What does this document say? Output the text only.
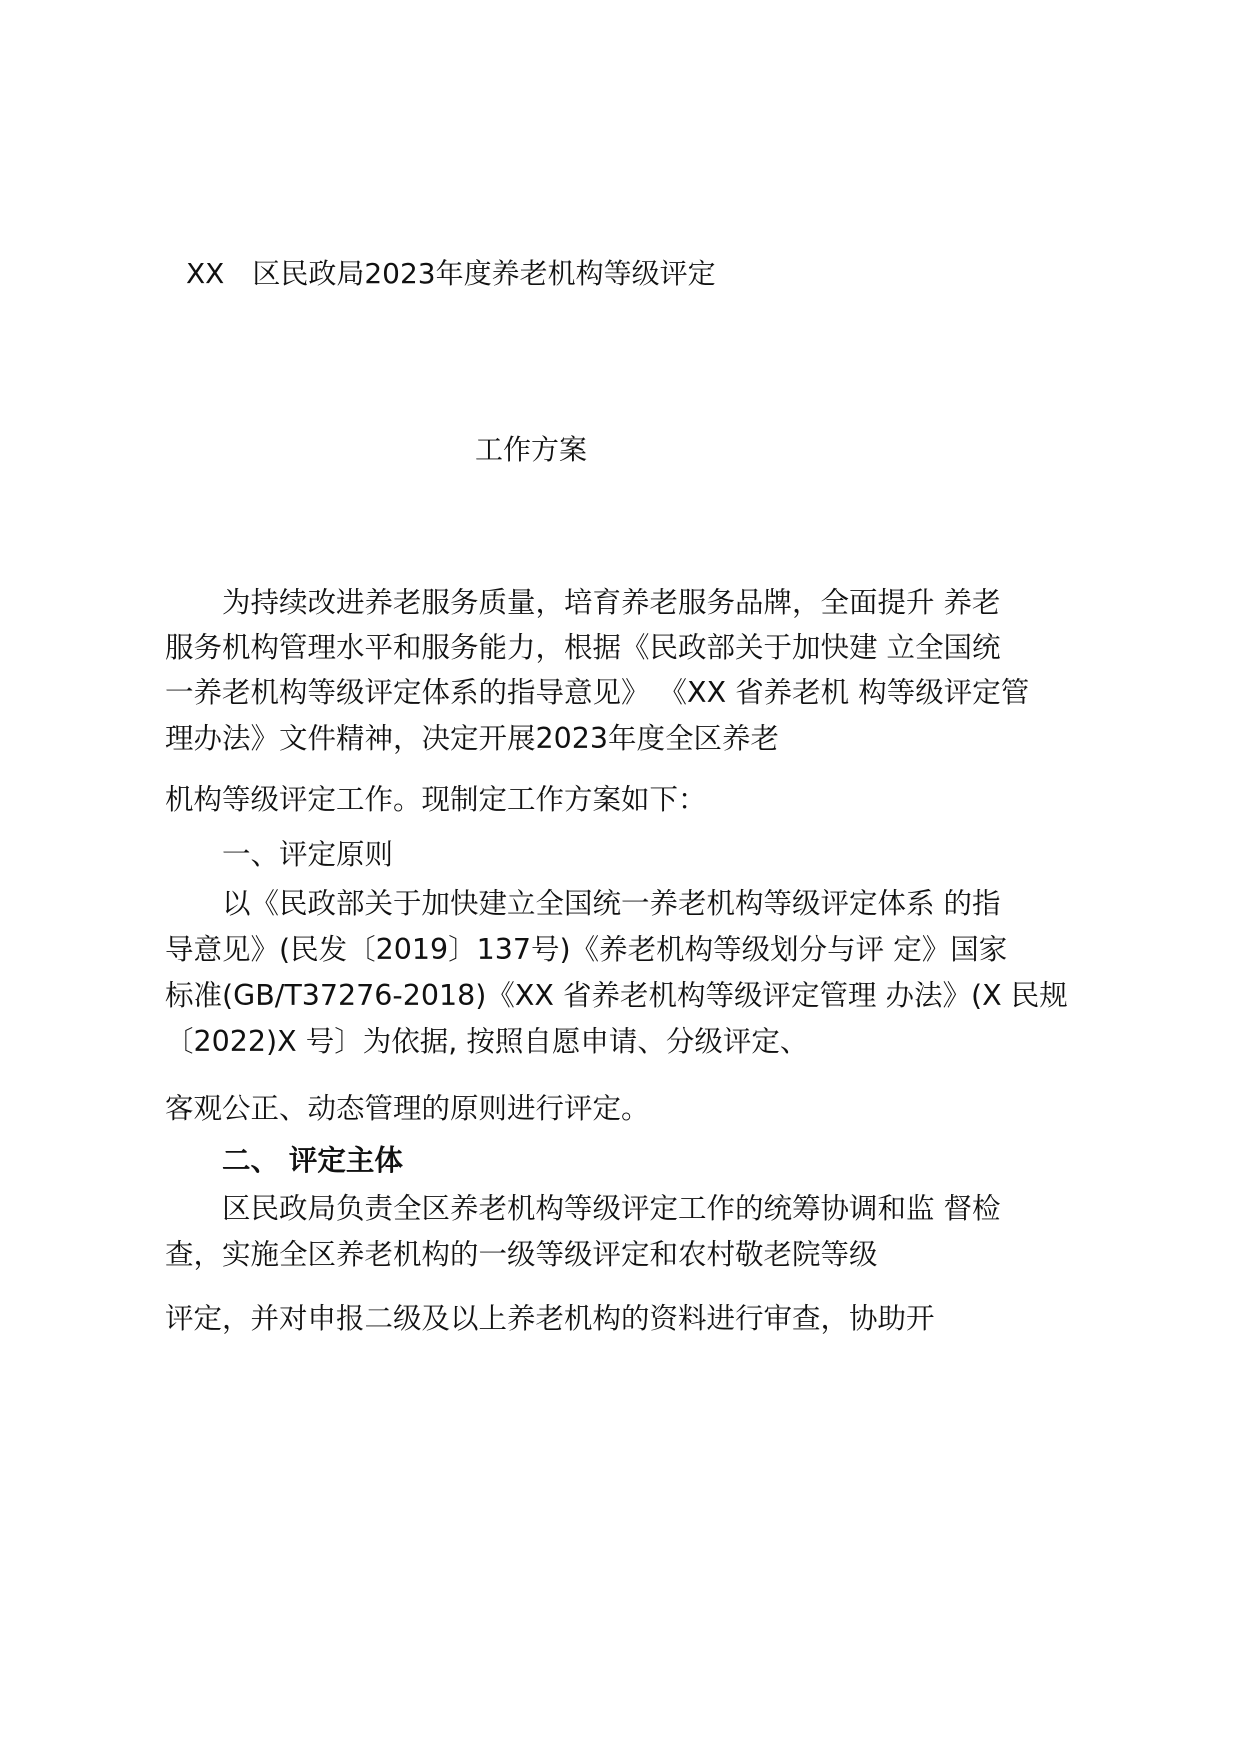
XX　区民政局2023年度养老机构等级评定
工作方案
为持续改进养老服务质量，培育养老服务品牌，全面提升 养老
服务机构管理水平和服务能力，根据《民政部关于加快建 立全国统
一养老机构等级评定体系的指导意见》 《XX 省养老机 构等级评定管
理办法》文件精神，决定开展2023年度全区养老
机构等级评定工作。现制定工作方案如下：
一、评定原则
以《民政部关于加快建立全国统一养老机构等级评定体系 的指
导意见》(民发〔2019〕137号)《养老机构等级划分与评 定》国家
标准(GB/T37276-2018)《XX 省养老机构等级评定管理 办法》(X 民规
〔2022)X 号〕为依据, 按照自愿申请、分级评定、
客观公正、动态管理的原则进行评定。
二、 评定主体
区民政局负责全区养老机构等级评定工作的统筹协调和监 督检
查，实施全区养老机构的一级等级评定和农村敬老院等级
评定，并对申报二级及以上养老机构的资料进行审查，协助开
